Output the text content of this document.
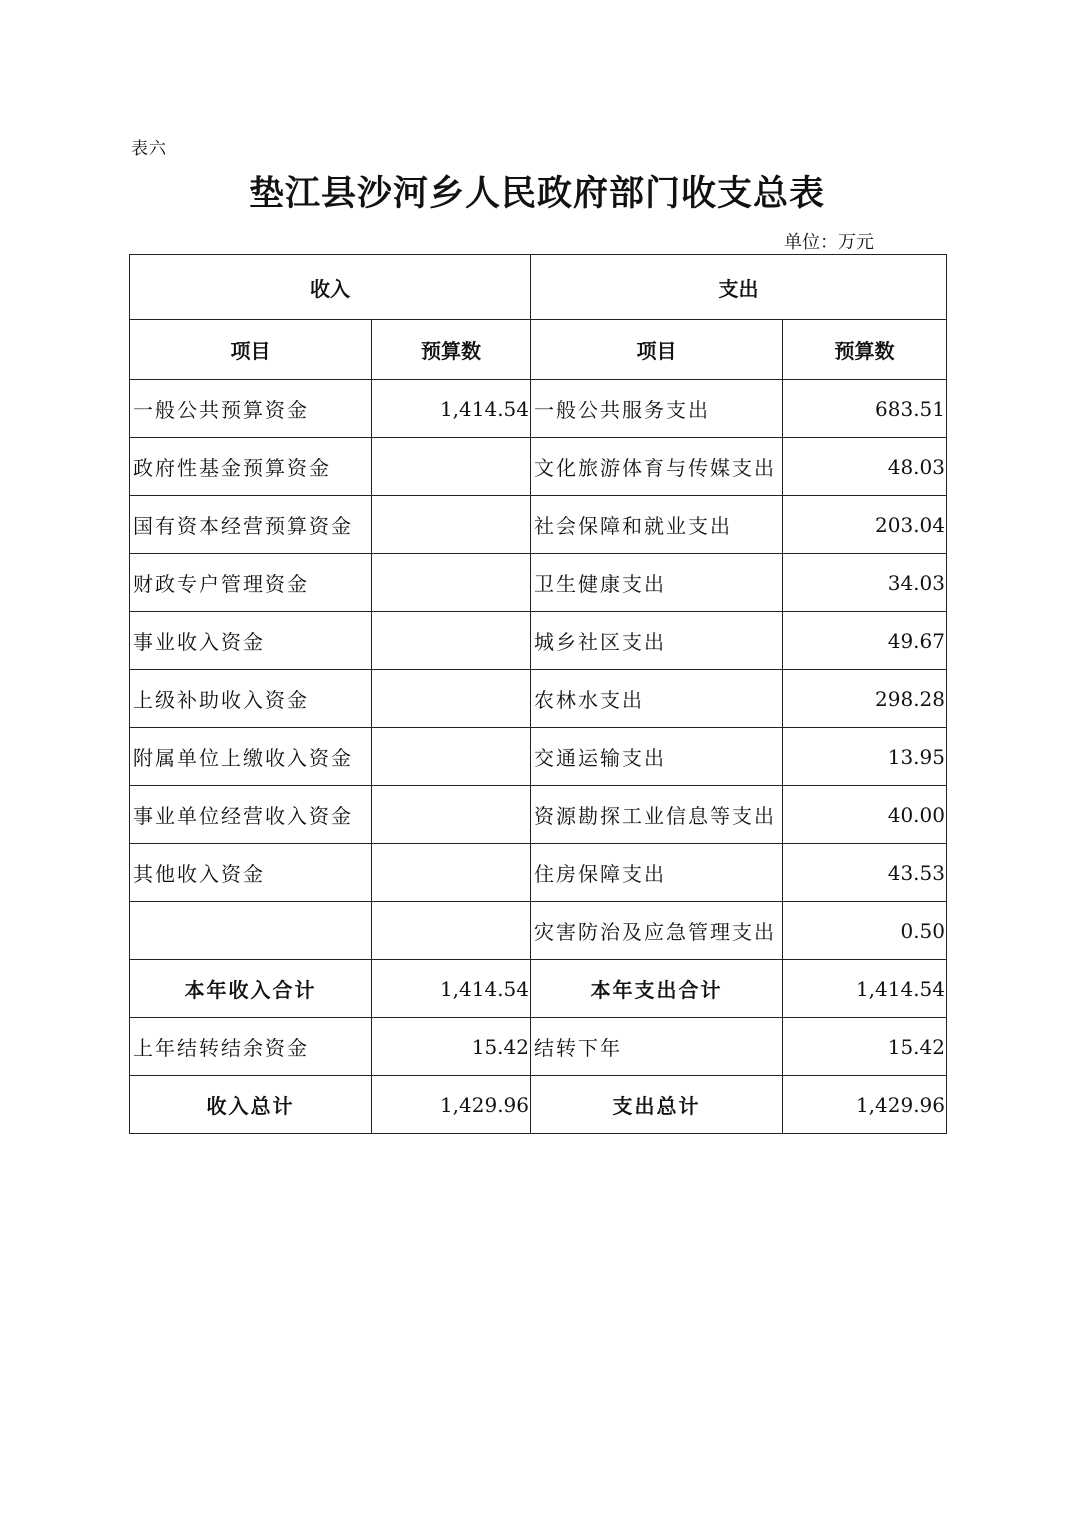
表六
垫江县沙河乡人民政府部门收支总表
单位：万元
收入		支出	
项目	预算数	项目	预算数
一般公共预算资金	1,414.54	一般公共服务支出	683.51
政府性基金预算资金		文化旅游体育与传媒支出	48.03
国有资本经营预算资金		社会保障和就业支出	203.04
财政专户管理资金		卫生健康支出	34.03
事业收入资金		城乡社区支出	49.67
上级补助收入资金		农林水支出	298.28
附属单位上缴收入资金		交通运输支出	13.95
事业单位经营收入资金		资源勘探工业信息等支出	40.00
其他收入资金		住房保障支出	43.53
		灾害防治及应急管理支出	0.50
本年收入合计	1,414.54	本年支出合计	1,414.54
上年结转结余资金	15.42	结转下年	15.42
收入总计	1,429.96	支出总计	1,429.96
